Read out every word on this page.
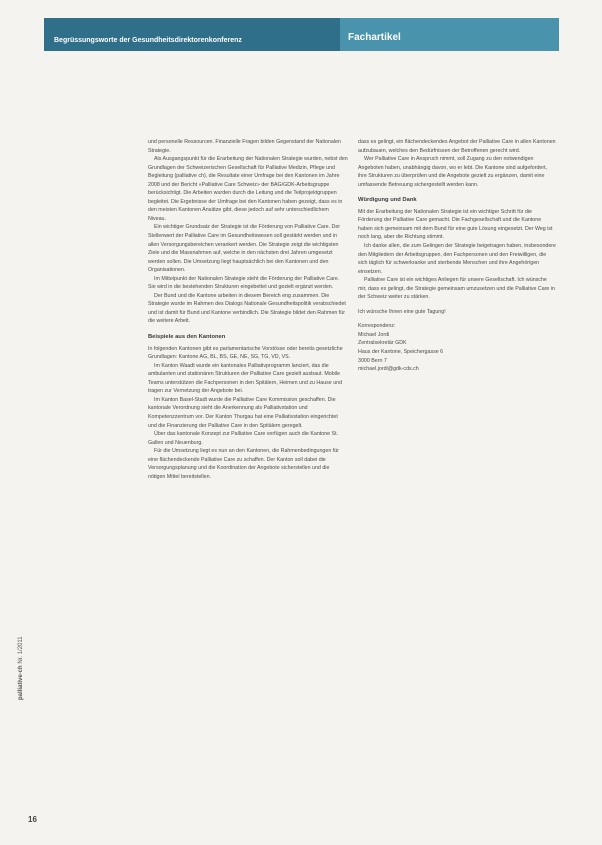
Begrüssungsworte der Gesundheitsdirektorenkonferenz	Fachartikel

und personelle Ressourcen. Finanzielle Fragen bilden Gegenstand der Nationalen Strategie.

Als Ausgangspunkt für die Erarbeitung der Nationalen Strategie wurden, nebst den Grundlagen der Schweizerischen Gesellschaft für Palliative Medizin, Pflege und Begleitung (palliative ch), die Resultate einer Umfrage bei den Kantonen im Jahre 2008 und der Bericht «Palliative Care Schweiz» der BAG/GDK-Arbeitsgruppe berücksichtigt. Die Arbeiten wurden durch die Leitung und die Teilprojektgruppen begleitet. Die Ergebnisse der Umfrage bei den Kantonen haben gezeigt, dass es in den meisten Kantonen Ansätze gibt, diese jedoch auf sehr unterschiedlichem Niveau.

Ein wichtiger Grundsatz der Strategie ist die Förderung von Palliative Care. Der Stellenwert der Palliative Care im Gesundheitswesen soll gestärkt werden und in allen Versorgungsbereichen verankert werden. Die Strategie zeigt die wichtigsten Ziele und die Massnahmen auf, welche in den nächsten drei Jahren umgesetzt werden sollen. Die Umsetzung liegt hauptsächlich bei den Kantonen und den Organisationen.

Im Mittelpunkt der Nationalen Strategie steht die Förderung der Palliative Care. Sie wird in die bestehenden Strukturen eingebettet und gezielt ergänzt werden.

Der Bund und die Kantone arbeiten in diesem Bereich eng zusammen. Die Strategie wurde im Rahmen des Dialogs Nationale Gesundheitspolitik verabschiedet und ist damit für Bund und Kantone verbindlich. Die Strategie bildet den Rahmen für die weitere Arbeit.

Beispiele aus den Kantonen

In folgenden Kantonen gibt es parlamentarische Vorstösse oder bereits gesetzliche Grundlagen: Kantone AG, BL, BS, GE, NE, SG, TG, VD, VS.

Im Kanton Waadt wurde ein kantonales Palliativprogramm lanciert, das die ambulanten und stationären Strukturen der Palliative Care gezielt ausbaut. Mobile Teams unterstützen die Fachpersonen in den Spitälern, Heimen und zu Hause und tragen zur Vernetzung der Angebote bei.

Im Kanton Basel-Stadt wurde die Palliative Care Kommission geschaffen. Die kantonale Verordnung sieht die Anerkennung als Palliativstation und Kompetenzzentrum vor. Der Kanton Thurgau hat eine Palliativstation eingerichtet und die Finanzierung der Palliative Care in den Spitälern geregelt.

Über das kantonale Konzept zur Palliative Care verfügen auch die Kantone St. Gallen und Neuenburg.

Für die Umsetzung liegt es nun an den Kantonen, die Rahmenbedingungen für eine flächendeckende Palliative Care zu schaffen. Der Kanton soll dabei die Versorgungsplanung und die Koordination der Angebote sicherstellen und die nötigen Mittel bereitstellen.

dass es gelingt, ein flächendeckendes Angebot der Palliative Care in allen Kantonen aufzubauen, welches den Bedürfnissen der Betroffenen gerecht wird.

Wer Palliative Care in Anspruch nimmt, soll Zugang zu den notwendigen Angeboten haben, unabhängig davon, wo er lebt. Die Kantone sind aufgefordert, ihre Strukturen zu überprüfen und die Angebote gezielt zu ergänzen, damit eine umfassende Betreuung sichergestellt werden kann.

Würdigung und Dank

Mit der Erarbeitung der Nationalen Strategie ist ein wichtiger Schritt für die Förderung der Palliative Care gemacht. Die Fachgesellschaft und die Kantone haben sich gemeinsam mit dem Bund für eine gute Lösung eingesetzt. Der Weg ist noch lang, aber die Richtung stimmt.

Ich danke allen, die zum Gelingen der Strategie beigetragen haben, insbesondere den Mitgliedern der Arbeitsgruppen, den Fachpersonen und den Freiwilligen, die sich täglich für schwerkranke und sterbende Menschen und ihre Angehörigen einsetzen.

Palliative Care ist ein wichtiges Anliegen für unsere Gesellschaft. Ich wünsche mir, dass es gelingt, die Strategie gemeinsam umzusetzen und die Palliative Care in der Schweiz weiter zu stärken.

Ich wünsche Ihnen eine gute Tagung!

Korrespondenz:

Michael Jordi

Zentralsekretär GDK

Haus der Kantone, Speichergasse 6

3000 Bern 7

michael.jordi@gdk-cds.ch

palliative-ch Nr. 1/2011
16
